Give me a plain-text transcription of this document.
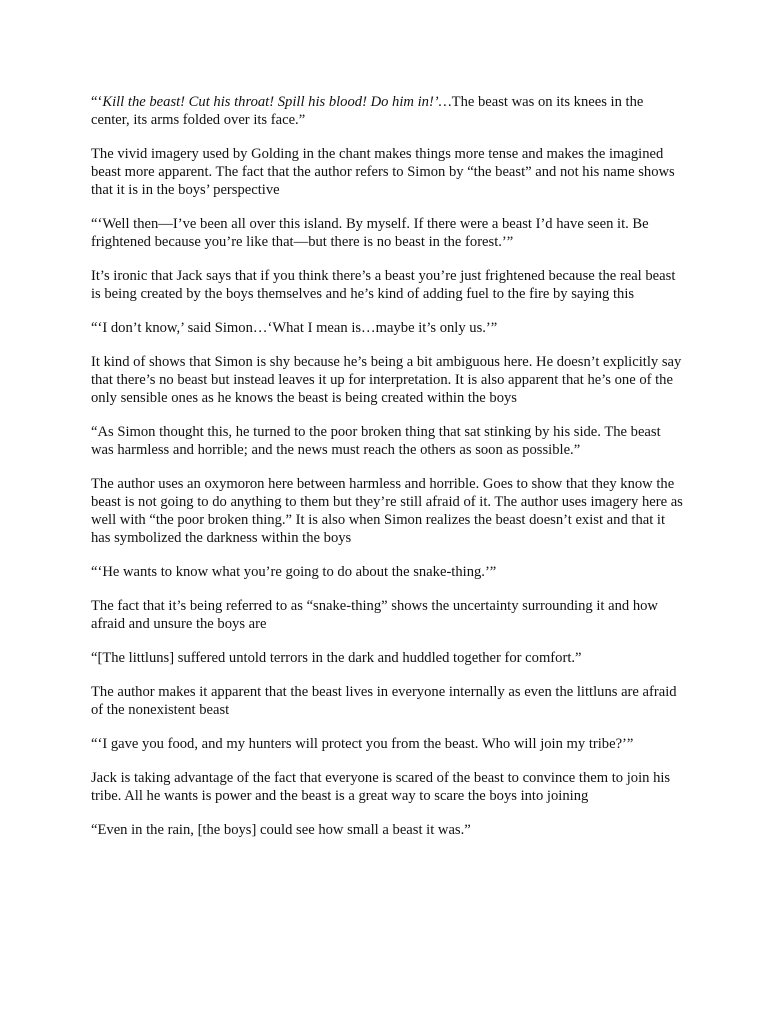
“‘Kill the beast! Cut his throat! Spill his blood! Do him in!’…The beast was on its knees in the center, its arms folded over its face.”

The vivid imagery used by Golding in the chant makes things more tense and makes the imagined beast more apparent. The fact that the author refers to Simon by “the beast” and not his name shows that it is in the boys’ perspective

“‘Well then—I’ve been all over this island. By myself. If there were a beast I’d have seen it. Be frightened because you’re like that—but there is no beast in the forest.’”

It’s ironic that Jack says that if you think there’s a beast you’re just frightened because the real beast is being created by the boys themselves and he’s kind of adding fuel to the fire by saying this

“‘I don’t know,’ said Simon…‘What I mean is…maybe it’s only us.’”

It kind of shows that Simon is shy because he’s being a bit ambiguous here. He doesn’t explicitly say that there’s no beast but instead leaves it up for interpretation. It is also apparent that he’s one of the only sensible ones as he knows the beast is being created within the boys

“As Simon thought this, he turned to the poor broken thing that sat stinking by his side. The beast was harmless and horrible; and the news must reach the others as soon as possible.”

The author uses an oxymoron here between harmless and horrible. Goes to show that they know the beast is not going to do anything to them but they’re still afraid of it. The author uses imagery here as well with “the poor broken thing.” It is also when Simon realizes the beast doesn’t exist and that it has symbolized the darkness within the boys

“‘He wants to know what you’re going to do about the snake-thing.’”

The fact that it’s being referred to as “snake-thing” shows the uncertainty surrounding it and how afraid and unsure the boys are

“[The littluns] suffered untold terrors in the dark and huddled together for comfort.”

The author makes it apparent that the beast lives in everyone internally as even the littluns are afraid of the nonexistent beast

“‘I gave you food, and my hunters will protect you from the beast. Who will join my tribe?’”

Jack is taking advantage of the fact that everyone is scared of the beast to convince them to join his tribe. All he wants is power and the beast is a great way to scare the boys into joining

“Even in the rain, [the boys] could see how small a beast it was.”
